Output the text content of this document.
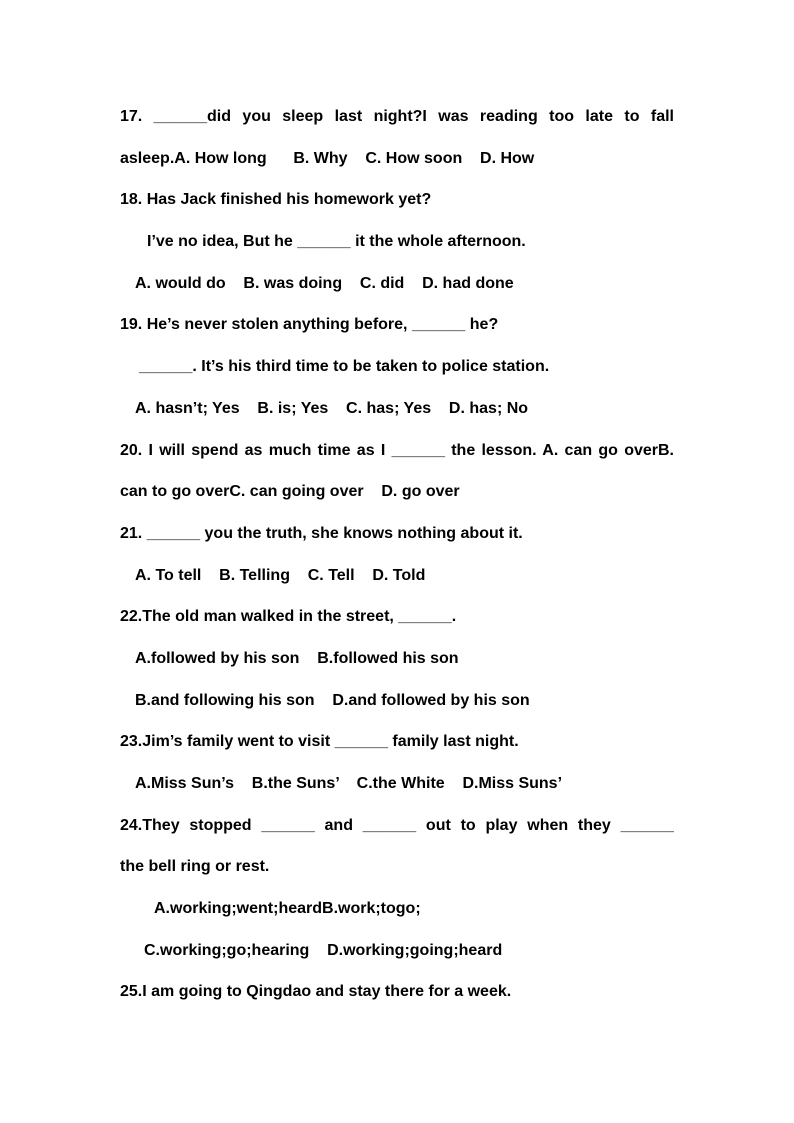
17. ______did you sleep last night?I was reading too late to fall
asleep.A. How long      B. Why    C. How soon    D. How
18. Has Jack finished his homework yet?
I’ve no idea, But he ______ it the whole afternoon.
A. would do    B. was doing    C. did    D. had done
19. He’s never stolen anything before, ______ he?
______. It’s his third time to be taken to police station.
A. hasn’t; Yes    B. is; Yes    C. has; Yes    D. has; No
20. I will spend as much time as I ______ the lesson. A. can go overB.
can to go overC. can going over    D. go over
21. ______ you the truth, she knows nothing about it.
A. To tell    B. Telling    C. Tell    D. Told
22.The old man walked in the street, ______.
A.followed by his son    B.followed his son
B.and following his son    D.and followed by his son
23.Jim’s family went to visit ______ family last night.
A.Miss Sun’s    B.the Suns’    C.the White    D.Miss Suns’
24.They stopped ______ and ______ out to play when they ______
the bell ring or rest.
A.working;went;heardB.work;togo;
C.working;go;hearing    D.working;going;heard
25.I am going to Qingdao and stay there for a week.
